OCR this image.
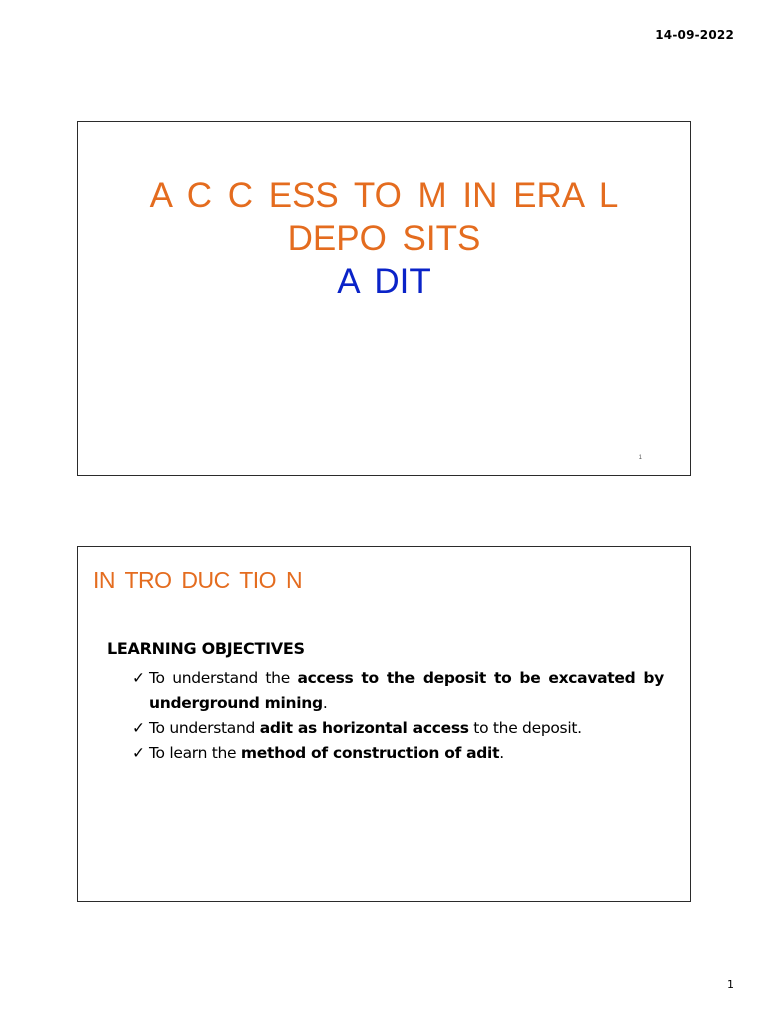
14-09-2022
A C C ESS TO M IN ERA L
DEPO SITS
A DIT
1
IN TRO DUC TIO N
LEARNING OBJECTIVES
✓ To understand the access to the deposit to be excavated by underground mining.
✓ To understand adit as horizontal access to the deposit.
✓ To learn the method of construction of adit.
1
